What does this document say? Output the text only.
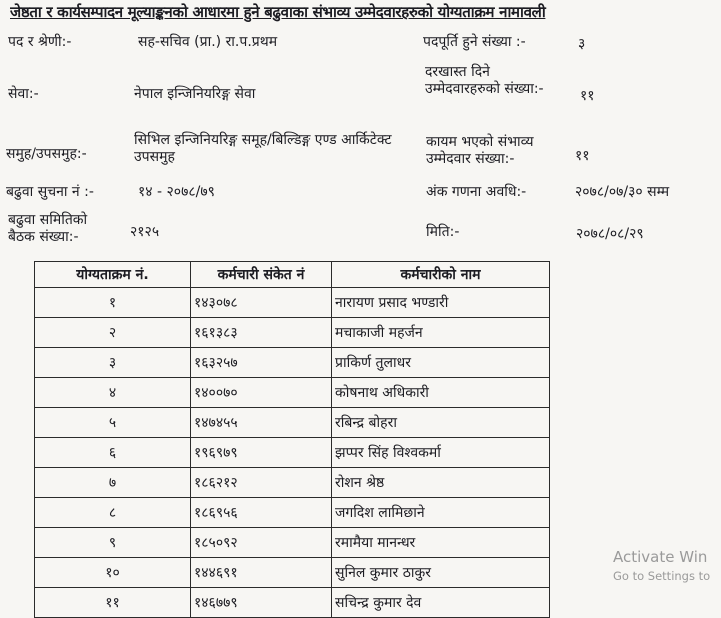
जेष्ठता र कार्यसम्पादन मूल्याङ्कनको आधारमा हुने बढुवाका संभाव्य उम्मेदवारहरुको योग्यताक्रम नामावली
पद र श्रेणी:-	सह-सचिव (प्रा.) रा.प.प्रथम
सेवा:-	नेपाल इन्जिनियरिङ्ग सेवा
समुह/उपसमुह:-
सिभिल इन्जिनियरिङ्ग समूह/बिल्डिङ्ग एण्ड आर्किटेक्ट उपसमुह
बढुवा सुचना नं :-	१४ - २०७८/७९
बढुवा समितिको बैठक संख्या:-	२१२५
पदपूर्ति हुने संख्या :-	३
दरखास्त दिने उम्मेदवारहरुको संख्या:-	११
कायम भएको संभाव्य उम्मेदवार संख्या:-	११
अंक गणना अवधि:-	२०७८/०७/३० सम्म
मिति:-	२०७८/०८/२९
योग्यताक्रम नं.	कर्मचारी संकेत नं	कर्मचारीको नाम
१	१४३०७८	नारायण प्रसाद भण्डारी
२	१६१३८३	मचाकाजी महर्जन
३	१६३२५७	प्राकिर्ण तुलाधर
४	१४००७०	कोषनाथ अधिकारी
५	१४७४५५	रबिन्द्र बोहरा
६	१९६९७९	झप्पर सिंह विश्वकर्मा
७	१८६२१२	रोशन श्रेष्ठ
८	१८६९५६	जगदिश लामिछाने
९	१८५०९२	रमामैया मानन्धर
१०	१४४६९१	सुनिल कुमार ठाकुर
११	१४६७७९	सचिन्द्र कुमार देव
Activate Win
Go to Settings to
